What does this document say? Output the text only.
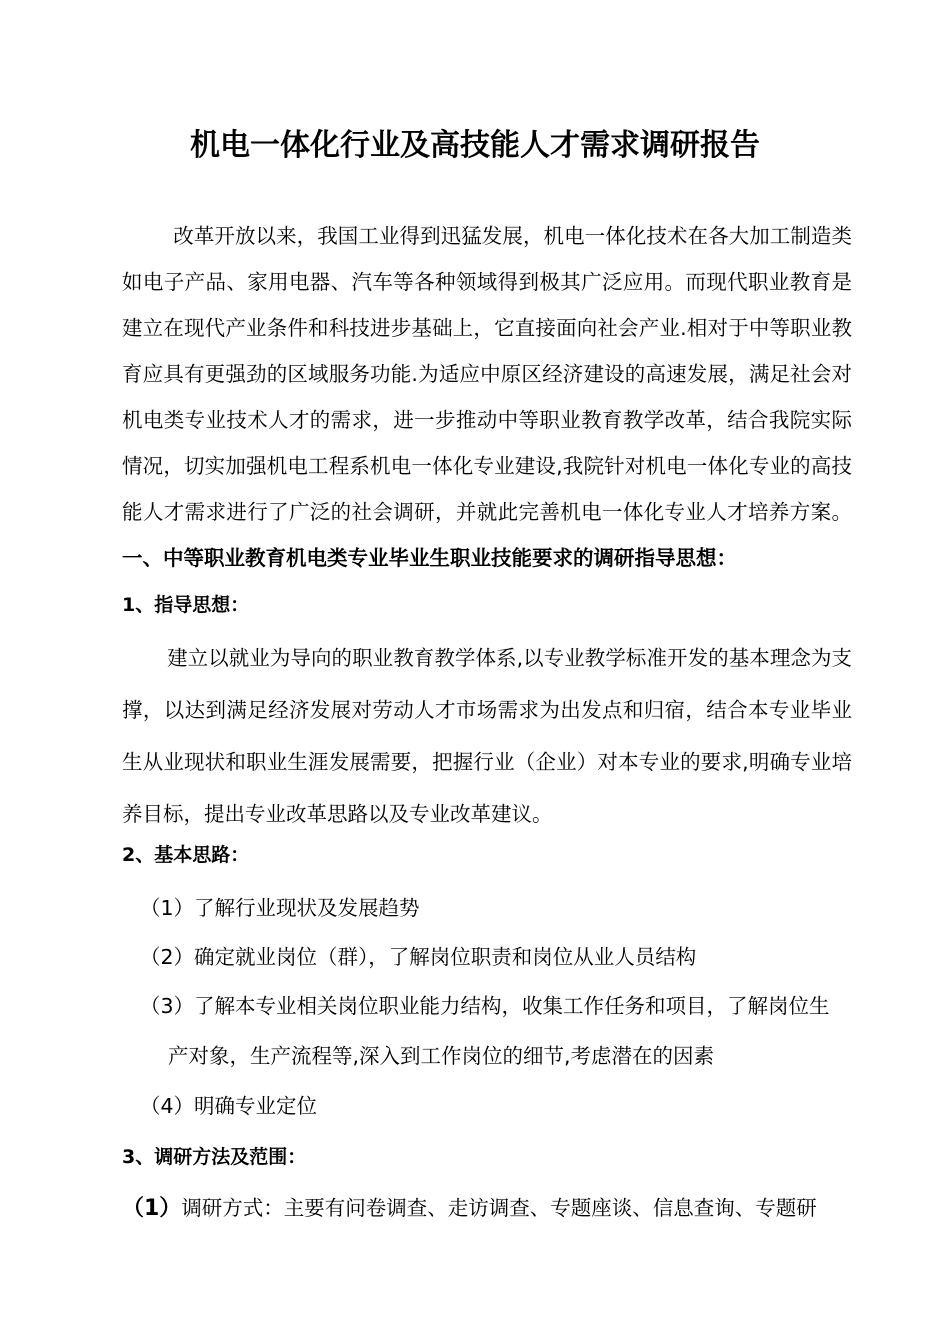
机电一体化行业及高技能人才需求调研报告

改革开放以来，我国工业得到迅猛发展，机电一体化技术在各大加工制造类如电子产品、家用电器、汽车等各种领域得到极其广泛应用。而现代职业教育是建立在现代产业条件和科技进步基础上，它直接面向社会产业.相对于中等职业教育应具有更强劲的区域服务功能.为适应中原区经济建设的高速发展，满足社会对机电类专业技术人才的需求，进一步推动中等职业教育教学改革，结合我院实际情况，切实加强机电工程系机电一体化专业建设,我院针对机电一体化专业的高技能人才需求进行了广泛的社会调研，并就此完善机电一体化专业人才培养方案。一、中等职业教育机电类专业毕业生职业技能要求的调研指导思想：

1、指导思想：

建立以就业为导向的职业教育教学体系,以专业教学标准开发的基本理念为支撑，以达到满足经济发展对劳动人才市场需求为出发点和归宿，结合本专业毕业生从业现状和职业生涯发展需要，把握行业（企业）对本专业的要求,明确专业培养目标，提出专业改革思路以及专业改革建议。

2、基本思路：

（1）了解行业现状及发展趋势

（2）确定就业岗位（群），了解岗位职责和岗位从业人员结构

（3）了解本专业相关岗位职业能力结构，收集工作任务和项目，了解岗位生
产对象，生产流程等,深入到工作岗位的细节,考虑潜在的因素

（4）明确专业定位

3、调研方法及范围：

（1）调研方式：主要有问卷调查、走访调查、专题座谈、信息查询、专题研
